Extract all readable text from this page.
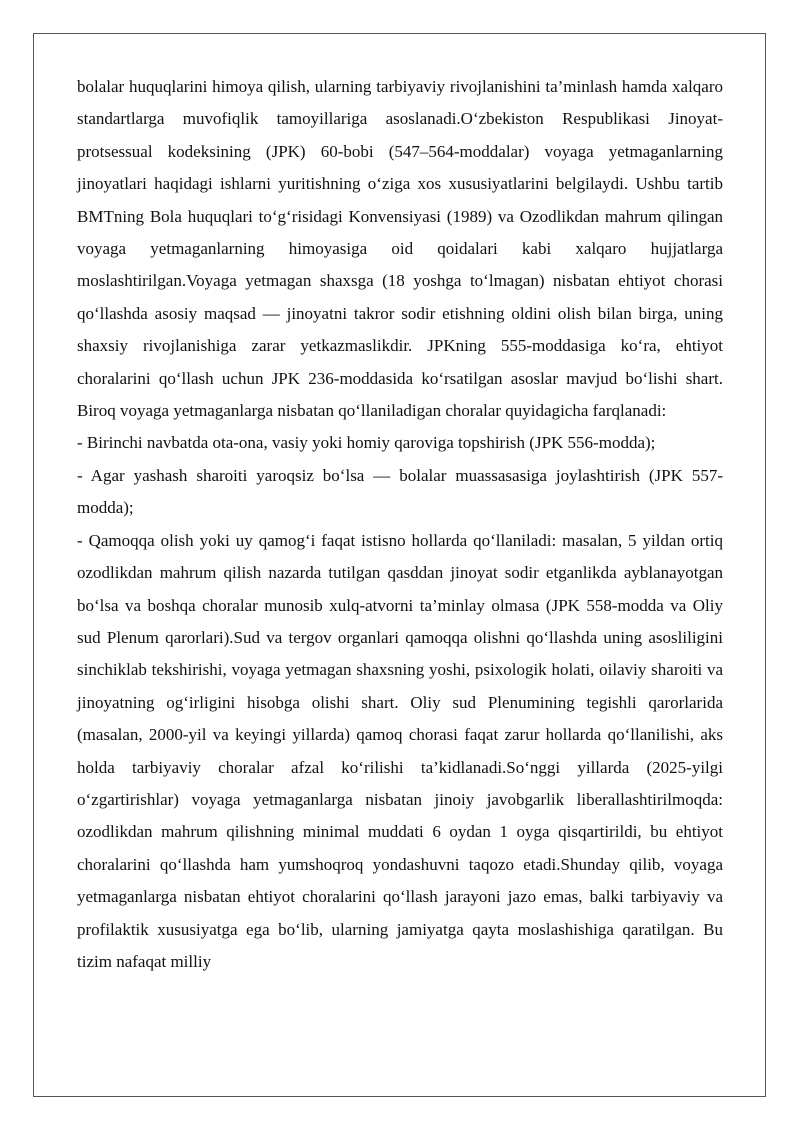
bolalar huquqlarini himoya qilish, ularning tarbiyaviy rivojlanishini ta’minlash hamda xalqaro standartlarga muvofiqlik tamoyillariga asoslanadi.O‘zbekiston Respublikasi Jinoyat-protsessual kodeksining (JPK) 60-bobi (547–564-moddalar) voyaga yetmaganlarning jinoyatlari haqidagi ishlarni yuritishning o‘ziga xos xususiyatlarini belgilaydi. Ushbu tartib BMTning Bola huquqlari to‘g‘risidagi Konvensiyasi (1989) va Ozodlikdan mahrum qilingan voyaga yetmaganlarning himoyasiga oid qoidalari kabi xalqaro hujjatlarga moslashtirilgan.Voyaga yetmagan shaxsga (18 yoshga to‘lmagan) nisbatan ehtiyot chorasi qo‘llashda asosiy maqsad — jinoyatni takror sodir etishning oldini olish bilan birga, uning shaxsiy rivojlanishiga zarar yetkazmaslikdir. JPKning 555-moddasiga ko‘ra, ehtiyot choralarini qo‘llash uchun JPK 236-moddasida ko‘rsatilgan asoslar mavjud bo‘lishi shart. Biroq voyaga yetmaganlarga nisbatan qo‘llaniladigan choralar quyidagicha farqlanadi:

- Birinchi navbatda ota-ona, vasiy yoki homiy qaroviga topshirish (JPK 556-modda);

- Agar yashash sharoiti yaroqsiz bo‘lsa — bolalar muassasasiga joylashtirish (JPK 557-modda);

- Qamoqqa olish yoki uy qamog‘i faqat istisno hollarda qo‘llaniladi: masalan, 5 yildan ortiq ozodlikdan mahrum qilish nazarda tutilgan qasddan jinoyat sodir etganlikda ayblanayotgan bo‘lsa va boshqa choralar munosib xulq-atvorni ta’minlay olmasa (JPK 558-modda va Oliy sud Plenum qarorlari).Sud va tergov organlari qamoqqa olishni qo‘llashda uning asosliligini sinchiklab tekshirishi, voyaga yetmagan shaxsning yoshi, psixologik holati, oilaviy sharoiti va jinoyatning og‘irligini hisobga olishi shart. Oliy sud Plenumining tegishli qarorlarida (masalan, 2000-yil va keyingi yillarda) qamoq chorasi faqat zarur hollarda qo‘llanilishi, aks holda tarbiyaviy choralar afzal ko‘rilishi ta’kidlanadi.So‘nggi yillarda (2025-yilgi o‘zgartirishlar) voyaga yetmaganlarga nisbatan jinoiy javobgarlik liberallashtirilmoqda: ozodlikdan mahrum qilishning minimal muddati 6 oydan 1 oyga qisqartirildi, bu ehtiyot choralarini qo‘llashda ham yumshoqroq yondashuvni taqozo etadi.Shunday qilib, voyaga yetmaganlarga nisbatan ehtiyot choralarini qo‘llash jarayoni jazo emas, balki tarbiyaviy va profilaktik xususiyatga ega bo‘lib, ularning jamiyatga qayta moslashishiga qaratilgan. Bu tizim nafaqat milliy
